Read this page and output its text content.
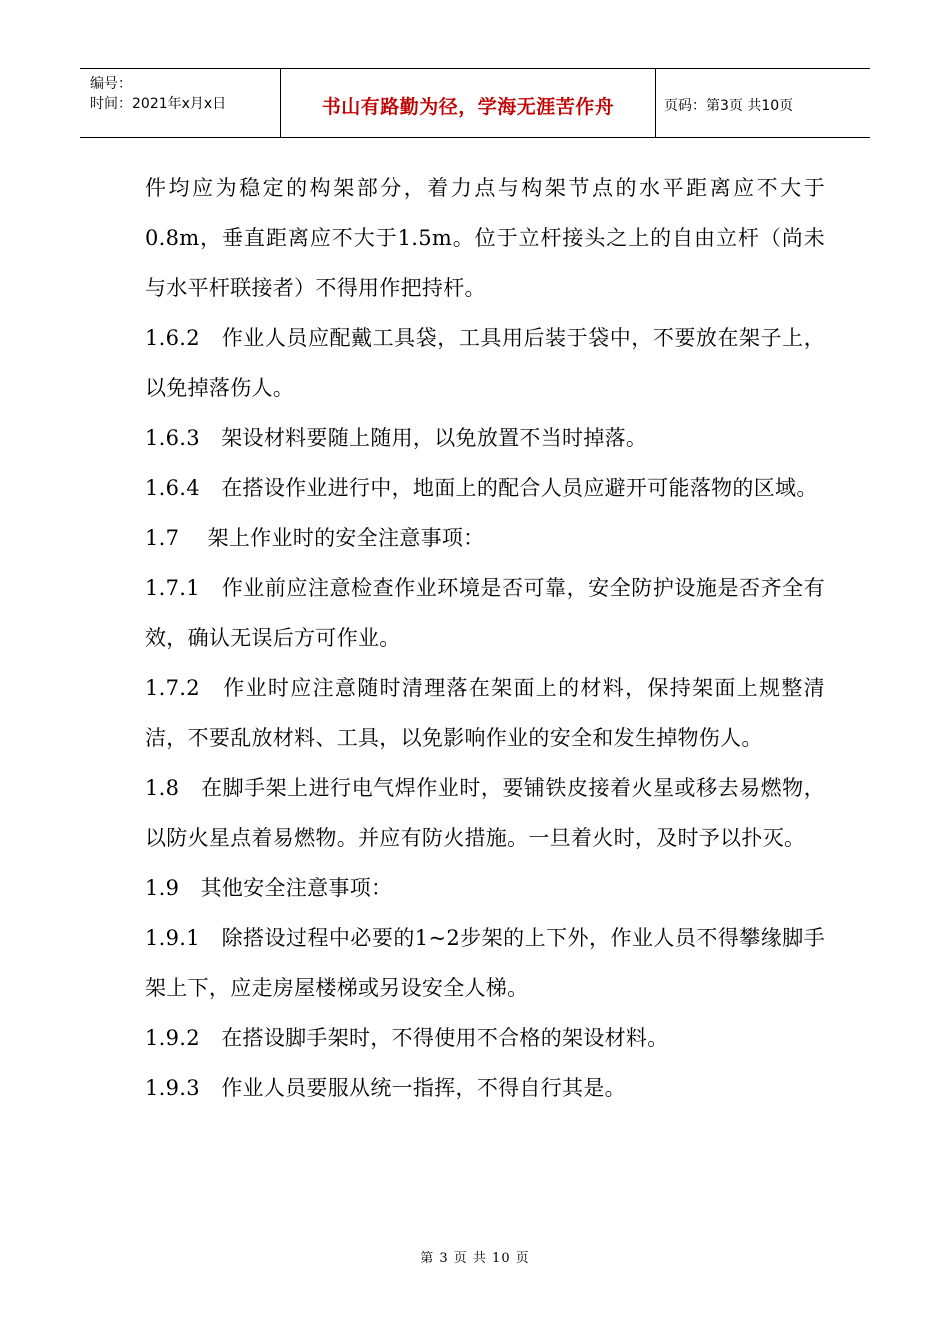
编号：
时间：2021年x月x日	书山有路勤为径，学海无涯苦作舟	页码：第3页 共10页

件均应为稳定的构架部分，着力点与构架节点的水平距离应不大于0.8m，垂直距离应不大于1.5m。位于立杆接头之上的自由立杆（尚未与水平杆联接者）不得用作把持杆。

1.6.2　作业人员应配戴工具袋，工具用后装于袋中，不要放在架子上，以免掉落伤人。

1.6.3　架设材料要随上随用，以免放置不当时掉落。

1.6.4　在搭设作业进行中，地面上的配合人员应避开可能落物的区域。

1.7　 架上作业时的安全注意事项：

1.7.1　作业前应注意检查作业环境是否可靠，安全防护设施是否齐全有效，确认无误后方可作业。

1.7.2　作业时应注意随时清理落在架面上的材料，保持架面上规整清洁，不要乱放材料、工具，以免影响作业的安全和发生掉物伤人。

1.8　在脚手架上进行电气焊作业时，要铺铁皮接着火星或移去易燃物，以防火星点着易燃物。并应有防火措施。一旦着火时，及时予以扑灭。

1.9　其他安全注意事项：

1.9.1　除搭设过程中必要的1~2步架的上下外，作业人员不得攀缘脚手架上下，应走房屋楼梯或另设安全人梯。

1.9.2　在搭设脚手架时，不得使用不合格的架设材料。

1.9.3　作业人员要服从统一指挥，不得自行其是。

第 3 页 共 10 页
